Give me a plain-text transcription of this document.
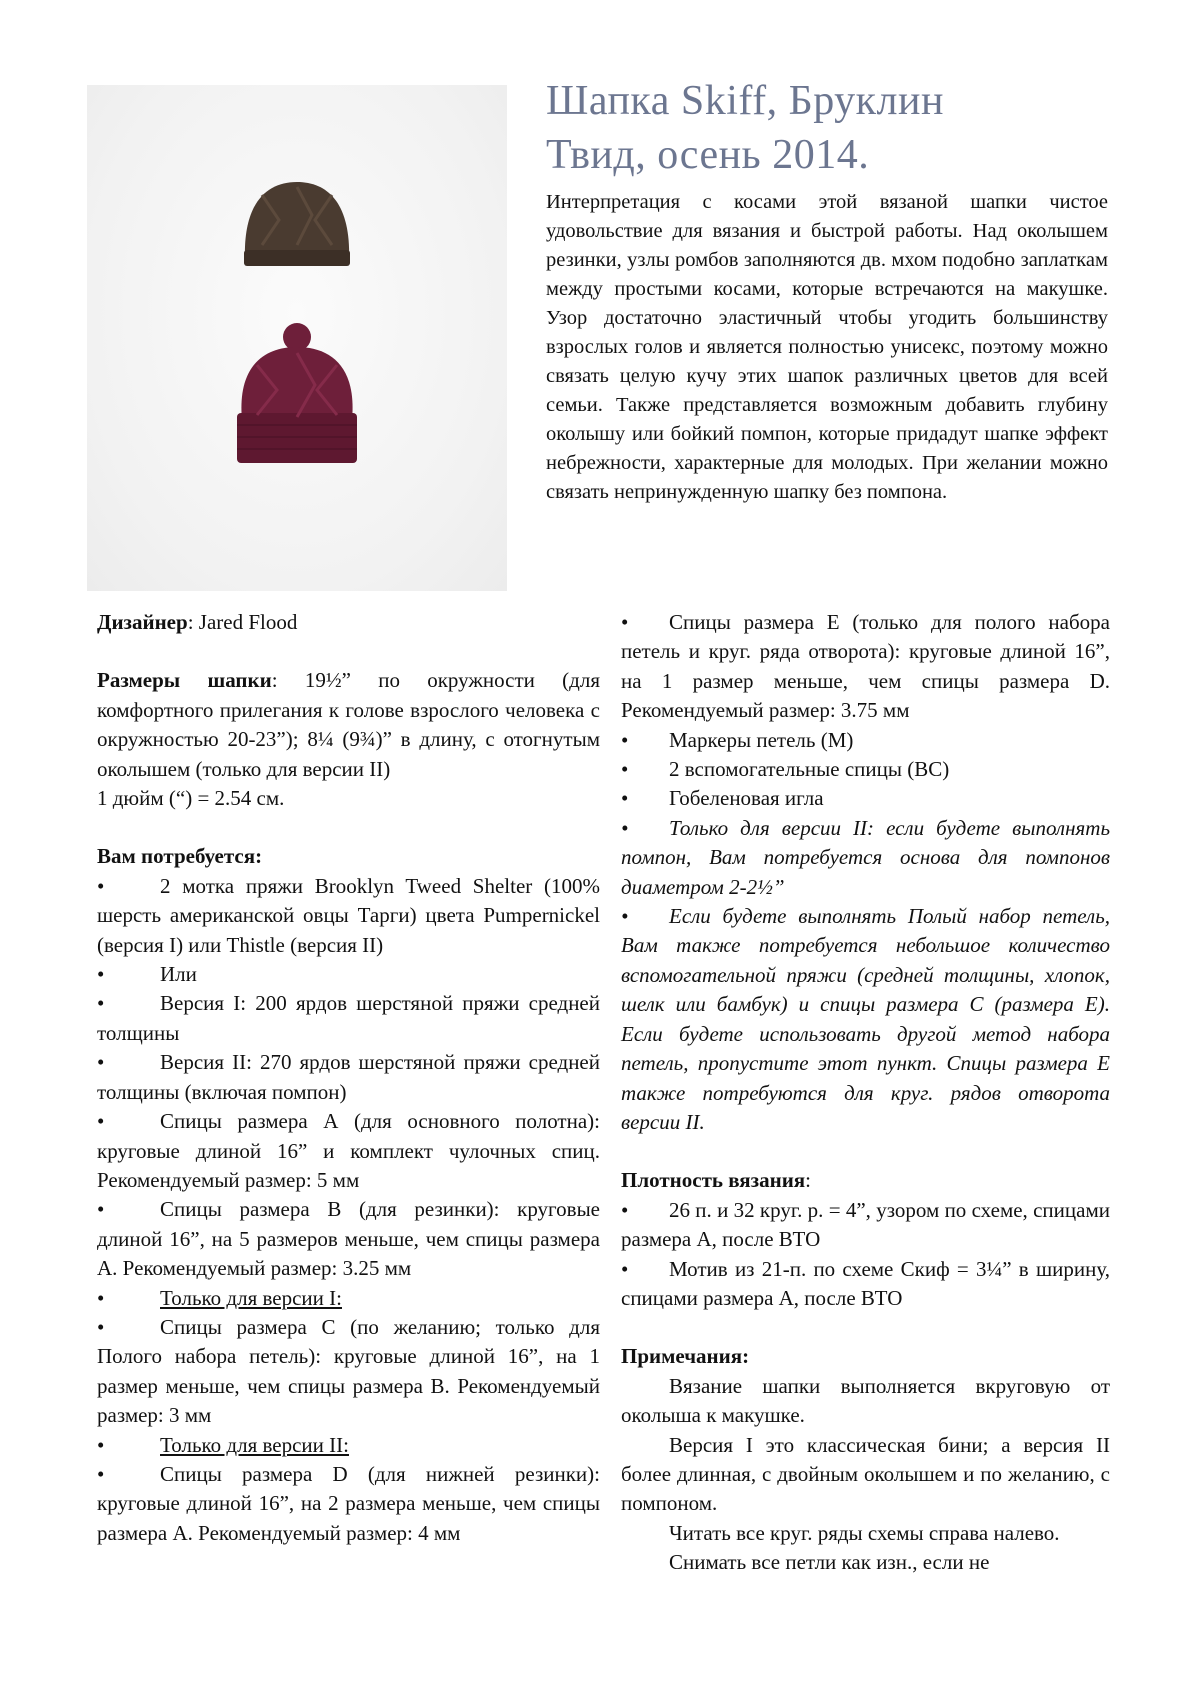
Шапка Skiff, Бруклин
Твид, осень 2014.

Интерпретация с косами этой вязаной шапки чистое удовольствие для вязания и быстрой работы. Над околышем резинки, узлы ромбов заполняются дв. мхом подобно заплаткам между простыми косами, которые встречаются на макушке. Узор достаточно эластичный чтобы угодить большинству взрослых голов и является полностью унисекс, поэтому можно связать целую кучу этих шапок различных цветов для всей семьи. Также представляется возможным добавить глубину околышу или бойкий помпон, которые придадут шапке эффект небрежности, характерные для молодых. При желании можно связать непринужденную шапку без помпона.

Дизайнер: Jared Flood

Размеры шапки: 19½” по окружности (для комфортного прилегания к голове взрослого человека с окружностью 20-23”); 8¼ (9¾)” в длину, с отогнутым околышем (только для версии II)

1 дюйм (“) = 2.54 см.

Вам потребуется:

•	2 мотка пряжи Brooklyn Tweed Shelter (100% шерсть американской овцы Тарги) цвета Pumpernickel (версия I) или Thistle (версия II)

•	Или

•	Версия I: 200 ярдов шерстяной пряжи средней толщины

•	Версия II: 270 ярдов шерстяной пряжи средней толщины (включая помпон)

•	Спицы размера А (для основного полотна): круговые длиной 16” и комплект чулочных спиц. Рекомендуемый размер: 5 мм

•	Спицы размера В (для резинки): круговые длиной 16”, на 5 размеров меньше, чем спицы размера А. Рекомендуемый размер: 3.25 мм

•	Только для версии I:

•	Спицы размера С (по желанию; только для Полого набора петель): круговые длиной 16”, на 1 размер меньше, чем спицы размера В. Рекомендуемый размер: 3 мм

•	Только для версии II:

•	Спицы размера D (для нижней резинки): круговые длиной 16”, на 2 размера меньше, чем спицы размера А. Рекомендуемый размер: 4 мм

• Спицы размера Е (только для полого набора петель и круг. ряда отворота): круговые длиной 16”, на 1 размер меньше, чем спицы размера D. Рекомендуемый размер: 3.75 мм

• Маркеры петель (М)

• 2 вспомогательные спицы (ВС)

• Гобеленовая игла

• Только для версии II: если будете выполнять помпон, Вам потребуется основа для помпонов диаметром 2-2½”

• Если будете выполнять Полый набор петель, Вам также потребуется небольшое количество вспомогательной пряжи (средней толщины, хлопок, шелк или бамбук) и спицы размера С (размера Е). Если будете использовать другой метод набора петель, пропустите этот пункт. Спицы размера Е также потребуются для круг. рядов отворота версии II.

Плотность вязания:

• 26 п. и 32 круг. р. = 4”, узором по схеме, спицами размера А, после ВТО

• Мотив из 21-п. по схеме Скиф = 3¼” в ширину, спицами размера А, после ВТО

Примечания:

Вязание шапки выполняется вкруговую от околыша к макушке.

Версия I это классическая бини; а версия II более длинная, с двойным околышем и по желанию, с помпоном.

Читать все круг. ряды схемы справа налево.

Снимать все петли как изн., если не
